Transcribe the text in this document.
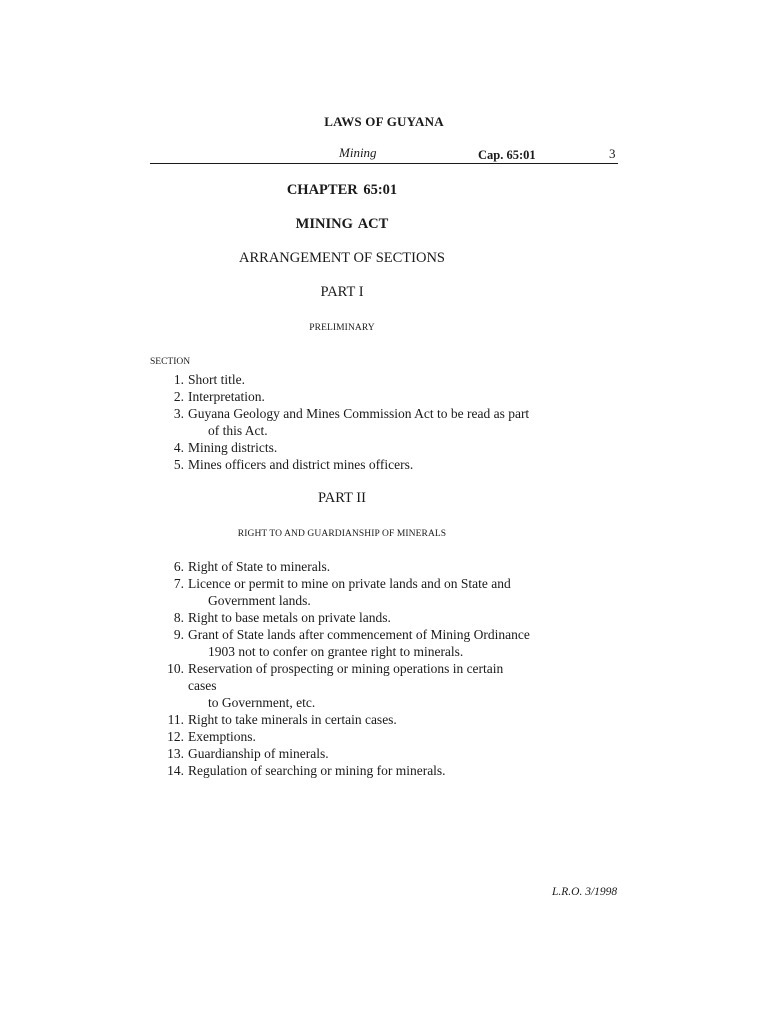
LAWS OF GUYANA
Mining	Cap. 65:01	3
CHAPTER 65:01
MINING ACT
ARRANGEMENT OF SECTIONS
PART I
PRELIMINARY
SECTION
1. Short title.
2. Interpretation.
3. Guyana Geology and Mines Commission Act to be read as part
of this Act.
4. Mining districts.
5. Mines officers and district mines officers.
PART II
RIGHT TO AND GUARDIANSHIP OF MINERALS
6. Right of State to minerals.
7. Licence or permit to mine on private lands and on State and
Government lands.
8. Right to base metals on private lands.
9. Grant of State lands after commencement of Mining Ordinance
1903 not to confer on grantee right to minerals.
10. Reservation of prospecting or mining operations in certain cases
to Government, etc.
11. Right to take minerals in certain cases.
12. Exemptions.
13. Guardianship of minerals.
14. Regulation of searching or mining for minerals.
L.R.O. 3/1998
